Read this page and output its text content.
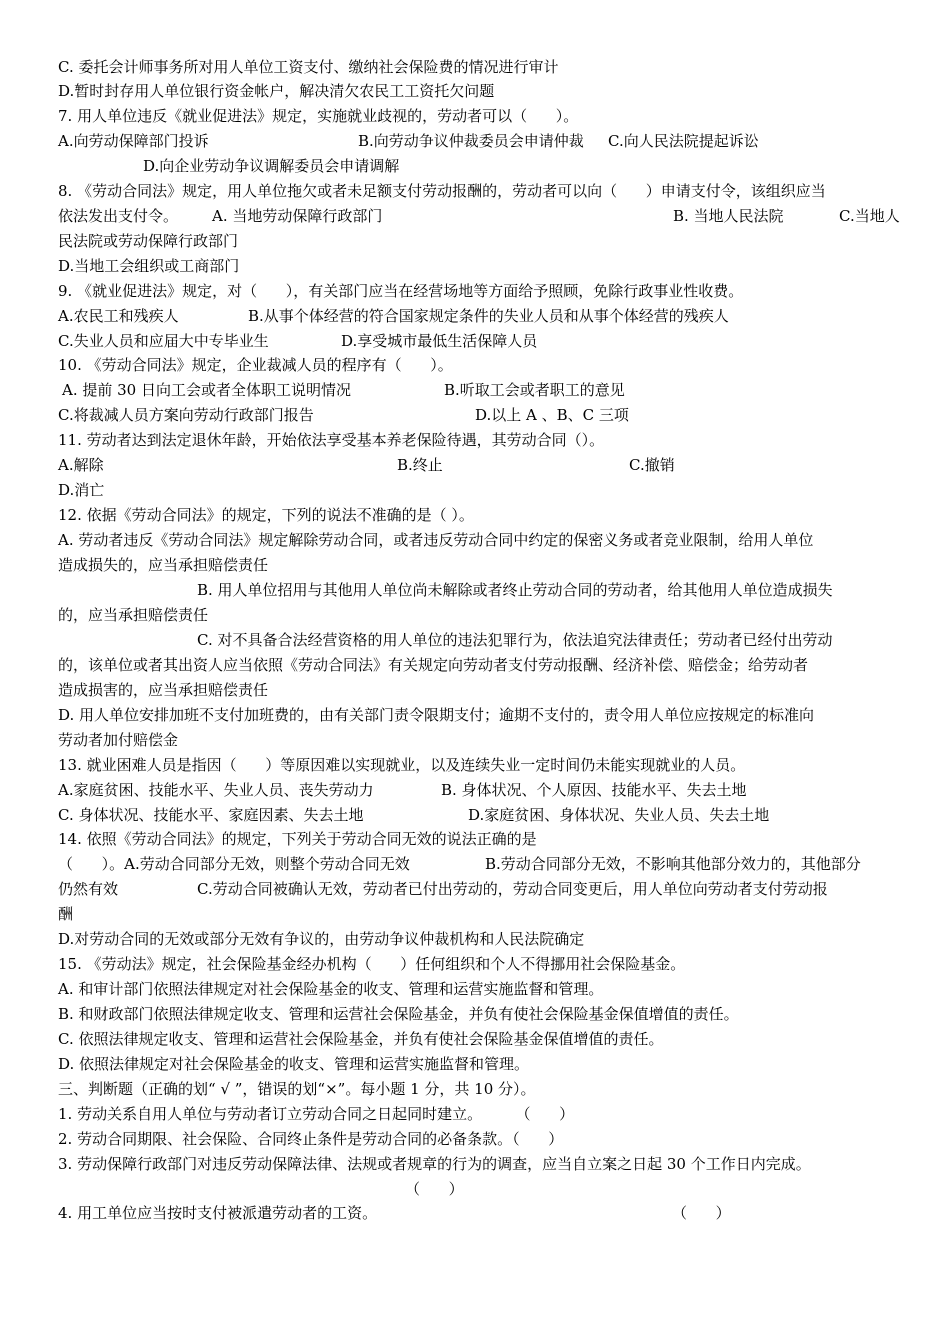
C. 委托会计师事务所对用人单位工资支付、缴纳社会保险费的情况进行审计
D.暂时封存用人单位银行资金帐户，解决清欠农民工工资托欠问题
7. 用人单位违反《就业促进法》规定，实施就业歧视的，劳动者可以（      ）。
A.向劳动保障部门投诉	B.向劳动争议仲裁委员会申请仲裁 C.向人民法院提起诉讼
D.向企业劳动争议调解委员会申请调解
8. 《劳动合同法》规定，用人单位拖欠或者未足额支付劳动报酬的，劳动者可以向（      ）申请支付令，该组织应当
依法发出支付令。 A. 当地劳动保障行政部门	B. 当地人民法院	C.当地人
民法院或劳动保障行政部门
D.当地工会组织或工商部门
9. 《就业促进法》规定，对（      ），有关部门应当在经营场地等方面给予照顾，免除行政事业性收费。
A.农民工和残疾人	B.从事个体经营的符合国家规定条件的失业人员和从事个体经营的残疾人
C.失业人员和应届大中专毕业生	D.享受城市最低生活保障人员
10. 《劳动合同法》规定，企业裁减人员的程序有（      ）。
A. 提前 30 日向工会或者全体职工说明情况	B.听取工会或者职工的意见
C.将裁减人员方案向劳动行政部门报告	D.以上 A 、B、C 三项
11. 劳动者达到法定退休年龄，开始依法享受基本养老保险待遇，其劳动合同（）。
A.解除	B.终止	C.撤销
D.消亡
12. 依据《劳动合同法》的规定，下列的说法不准确的是（ ）。
A. 劳动者违反《劳动合同法》规定解除劳动合同，或者违反劳动合同中约定的保密义务或者竞业限制，给用人单位
造成损失的，应当承担赔偿责任
B. 用人单位招用与其他用人单位尚未解除或者终止劳动合同的劳动者，给其他用人单位造成损失
的，应当承担赔偿责任
C. 对不具备合法经营资格的用人单位的违法犯罪行为，依法追究法律责任；劳动者已经付出劳动
的，该单位或者其出资人应当依照《劳动合同法》有关规定向劳动者支付劳动报酬、经济补偿、赔偿金；给劳动者
造成损害的，应当承担赔偿责任
D. 用人单位安排加班不支付加班费的，由有关部门责令限期支付；逾期不支付的，责令用人单位应按规定的标准向
劳动者加付赔偿金
13. 就业困难人员是指因（      ）等原因难以实现就业，以及连续失业一定时间仍未能实现就业的人员。
A.家庭贫困、技能水平、失业人员、丧失劳动力	B. 身体状况、个人原因、技能水平、失去土地
C. 身体状况、技能水平、家庭因素、失去土地	D.家庭贫困、身体状况、失业人员、失去土地
14. 依照《劳动合同法》的规定，下列关于劳动合同无效的说法正确的是
（      ）。A.劳动合同部分无效，则整个劳动合同无效	B.劳动合同部分无效，不影响其他部分效力的，其他部分
仍然有效	C.劳动合同被确认无效，劳动者已付出劳动的，劳动合同变更后，用人单位向劳动者支付劳动报
酬
D.对劳动合同的无效或部分无效有争议的，由劳动争议仲裁机构和人民法院确定
15. 《劳动法》规定，社会保险基金经办机构（      ）任何组织和个人不得挪用社会保险基金。
A. 和审计部门依照法律规定对社会保险基金的收支、管理和运营实施监督和管理。
B. 和财政部门依照法律规定收支、管理和运营社会保险基金，并负有使社会保险基金保值增值的责任。
C. 依照法律规定收支、管理和运营社会保险基金，并负有使社会保险基金保值增值的责任。
D. 依照法律规定对社会保险基金的收支、管理和运营实施监督和管理。
三、判断题（正确的划“ √ ”，错误的划“×”。每小题 1 分，共 10 分）。
1. 劳动关系自用人单位与劳动者订立劳动合同之日起同时建立。       （      ）
2. 劳动合同期限、社会保险、合同终止条件是劳动合同的必备条款。（      ）
3. 劳动保障行政部门对违反劳动保障法律、法规或者规章的行为的调查，应当自立案之日起 30 个工作日内完成。
（      ）
4. 用工单位应当按时支付被派遣劳动者的工资。	（      ）
